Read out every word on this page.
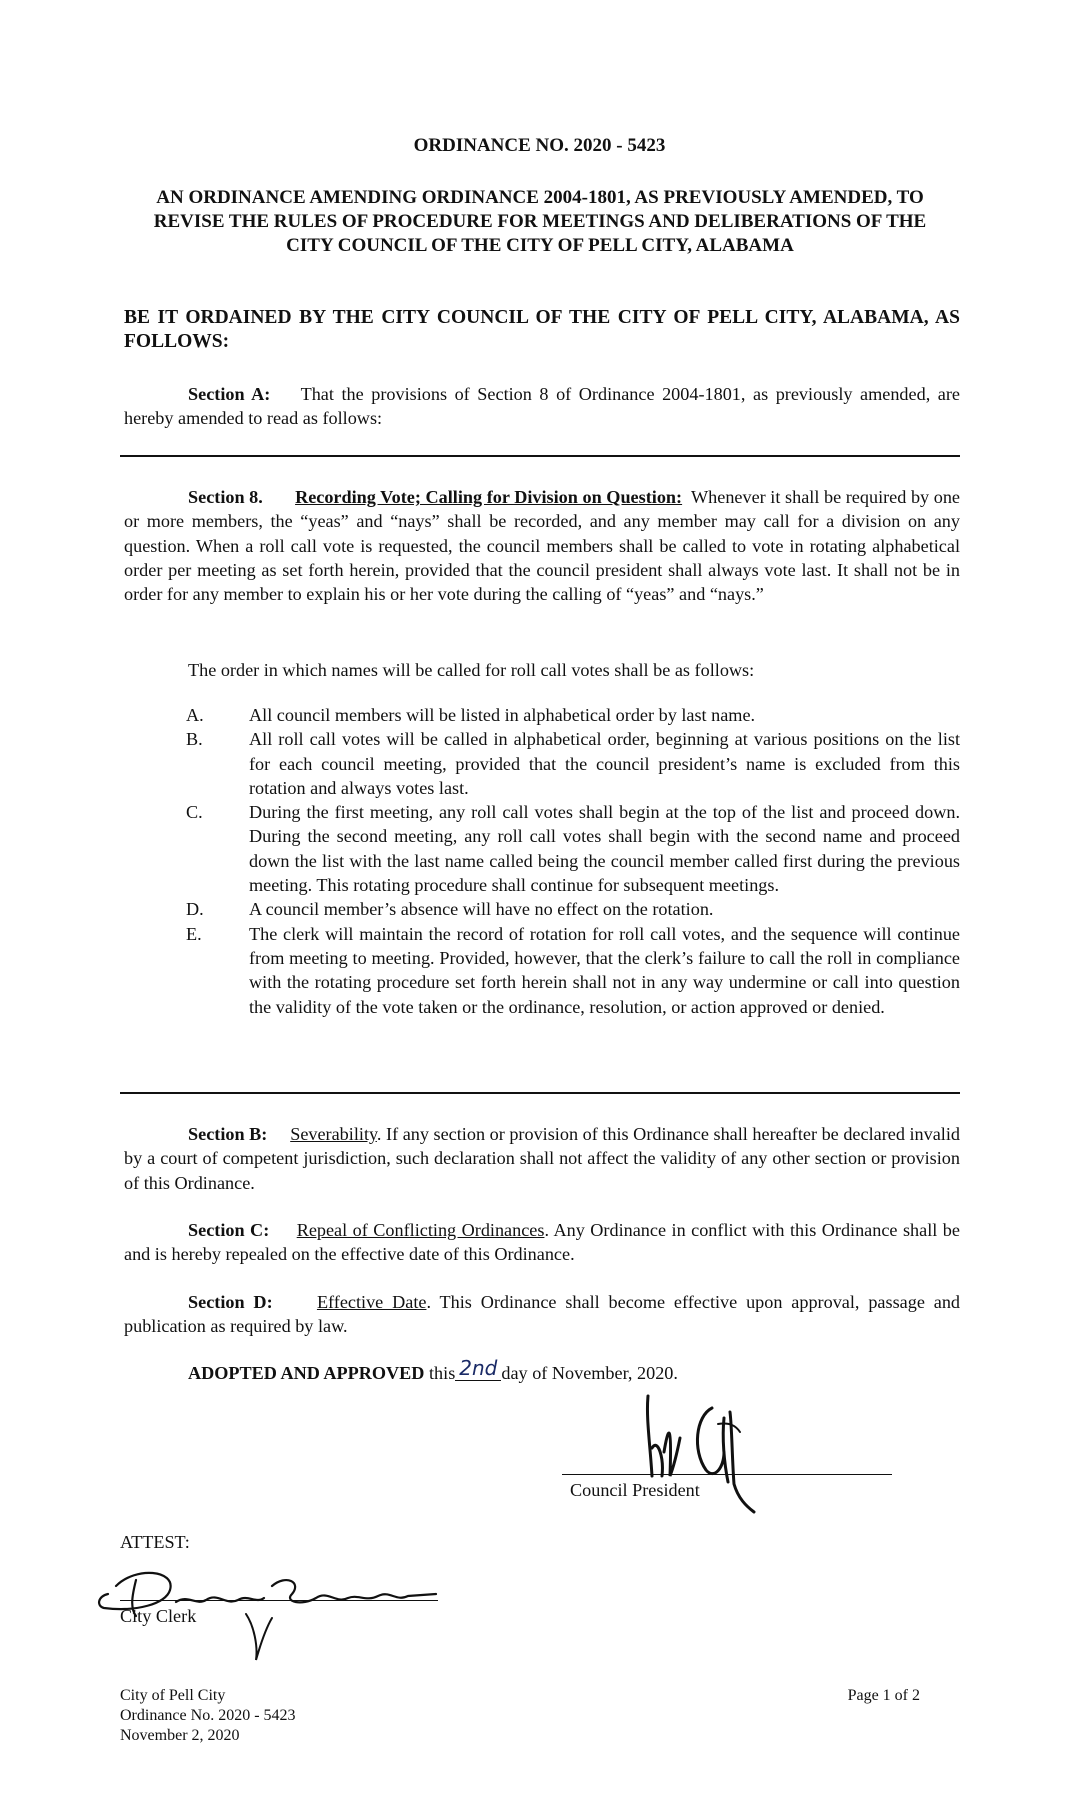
ORDINANCE NO. 2020 - 5423
AN ORDINANCE AMENDING ORDINANCE 2004-1801, AS PREVIOUSLY AMENDED, TO REVISE THE RULES OF PROCEDURE FOR MEETINGS AND DELIBERATIONS OF THE CITY COUNCIL OF THE CITY OF PELL CITY, ALABAMA
BE IT ORDAINED BY THE CITY COUNCIL OF THE CITY OF PELL CITY, ALABAMA, AS FOLLOWS:
Section A: That the provisions of Section 8 of Ordinance 2004-1801, as previously amended, are hereby amended to read as follows:
Section 8. Recording Vote; Calling for Division on Question: Whenever it shall be required by one or more members, the “yeas” and “nays” shall be recorded, and any member may call for a division on any question. When a roll call vote is requested, the council members shall be called to vote in rotating alphabetical order per meeting as set forth herein, provided that the council president shall always vote last. It shall not be in order for any member to explain his or her vote during the calling of “yeas” and “nays.”
The order in which names will be called for roll call votes shall be as follows:
A. All council members will be listed in alphabetical order by last name.
B.	All roll call votes will be called in alphabetical order, beginning at various positions on the list for each council meeting, provided that the council president’s name is excluded from this rotation and always votes last.
C.	During the first meeting, any roll call votes shall begin at the top of the list and proceed down. During the second meeting, any roll call votes shall begin with the second name and proceed down the list with the last name called being the council member called first during the previous meeting. This rotating procedure shall continue for subsequent meetings.
D. A council member’s absence will have no effect on the rotation.
E.	The clerk will maintain the record of rotation for roll call votes, and the sequence will continue from meeting to meeting. Provided, however, that the clerk’s failure to call the roll in compliance with the rotating procedure set forth herein shall not in any way undermine or call into question the validity of the vote taken or the ordinance, resolution, or action approved or denied.
Section B: Severability. If any section or provision of this Ordinance shall hereafter be declared invalid by a court of competent jurisdiction, such declaration shall not affect the validity of any other section or provision of this Ordinance.
Section C: Repeal of Conflicting Ordinances. Any Ordinance in conflict with this Ordinance shall be and is hereby repealed on the effective date of this Ordinance.
Section D: Effective Date. This Ordinance shall become effective upon approval, passage and publication as required by law.
ADOPTED AND APPROVED this 2nd day of November, 2020.
Council President
ATTEST:
City Clerk
City of Pell City
Ordinance No. 2020 - 5423
November 2, 2020
Page 1 of 2
